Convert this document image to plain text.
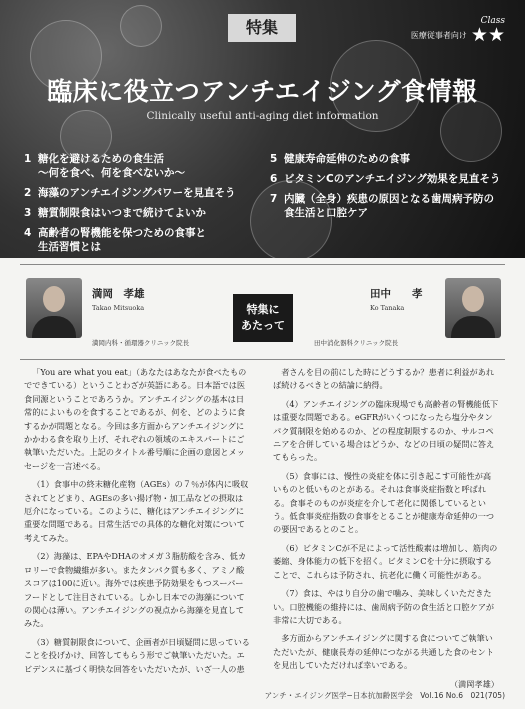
特集	Class
医療従事者向け ★★
臨床に役立つアンチエイジング食情報
Clinically useful anti-aging diet information
1 糖化を避けるための食生活
〜何を食べ、何を食べないか〜
2 海藻のアンチエイジングパワーを見直そう
3 糖質制限食はいつまで続けてよいか
4 高齢者の腎機能を保つための食事と
生活習慣とは
5 健康寿命延伸のための食事
6 ビタミンCのアンチエイジング効果を見直そう
7 内臓（全身）疾患の原因となる歯周病予防の
食生活と口腔ケア
満岡　孝雄
Takao Mitsuoka
満岡内科・循環器クリニック院長
田中　　孝
Ko Tanaka
田中消化器科クリニック院長
特集に
あたって

「You are what you eat」（あなたはあなたが食べたものでできている）ということわざが英語にある。日本語では医食同源ということであろうか。アンチエイジングの基本は日常的によいものを食することであるが、何を、どのように食するかが問題となる。今回は多方面からアンチエイジングにかかわる食を取り上げ、それぞれの領域のエキスパートにご執筆いただいた。上記のタイトル番号順に企画の意図とメッセージを一言述べる。

（1）食事中の終末糖化産物（AGEs）の７％が体内に吸収されてとどまり、AGEsの多い揚げ物・加工品などの摂取は厄介になっている。このように、糖化はアンチエイジングに重要な問題である。日常生活での具体的な糖化対策について考えてみた。

（2）海藻は、EPAやDHAのオメガ３脂肪酸を含み、低カロリーで食物繊維が多い。またタンパク質も多く、アミノ酸スコアは100に近い。海外では疾患予防効果をもつスーパーフードとして注目されている。しかし日本での海藻についての関心は薄い。アンチエイジングの視点から海藻を見直してみた。

（3）糖質制限食について、企画者が日頃疑問に思っていることを投げかけ、回答してもらう形でご執筆いただいた。エビデンスに基づく明快な回答をいただいたが、いざ一人の患

者さんを目の前にした時にどうするか？患者に利益があれば続けるべきとの結論に納得。

（4）アンチエイジングの臨床現場でも高齢者の腎機能低下は重要な問題である。eGFRがいくつになったら塩分やタンパク質制限を始めるのか、どの程度制限するのか、サルコペニアを合併している場合はどうか、などの日頃の疑問に答えてもらった。

（5）食事には、慢性の炎症を体に引き起こす可能性が高いものと低いものとがある。それは食事炎症指数と呼ばれる。食事そのものが炎症を介して老化に関係しているという。低食事炎症指数の食事をとることが健康寿命延伸の一つの要因であるとのこと。

（6）ビタミンCが不足によって活性酸素は増加し、筋肉の萎縮、身体能力の低下を招く。ビタミンCを十分に摂取することで、これらは予防され、抗老化に働く可能性がある。

（7）食は、やはり自分の歯で噛み、美味しくいただきたい。口腔機能の維持には、歯周病予防の食生活と口腔ケアが非常に大切である。

多方面からアンチエイジングに関する食についてご執筆いただいたが、健康長寿の延伸につながる共通した食のセントを見出していただければ幸いである。

（満岡孝雄）
アンチ・エイジング医学−日本抗加齢医学会　Vol.16 No.6　021(705)
